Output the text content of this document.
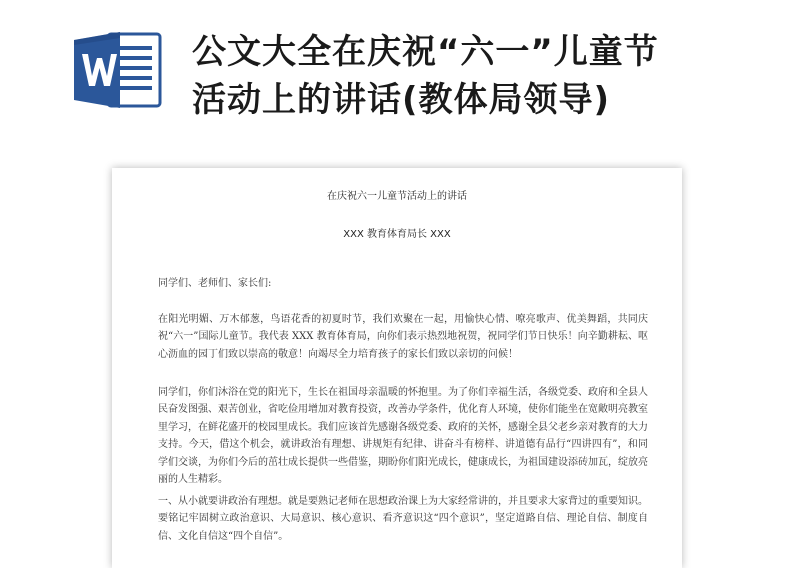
公文大全在庆祝“六一”儿童节
活动上的讲话(教体局领导)
在庆祝六一儿童节活动上的讲话
XXX 教育体育局长 XXX

同学们、老师们、家长们:

在阳光明媚、万木郁葱，鸟语花香的初夏时节，我们欢聚在一起，用愉快心情、嘹亮歌声、优美舞蹈，共同庆祝“六一”国际儿童节。我代表 XXX 教育体育局，向你们表示热烈地祝贺，祝同学们节日快乐！向辛勤耕耘、呕心沥血的园丁们致以崇高的敬意！向竭尽全力培育孩子的家长们致以亲切的问候！

同学们，你们沐浴在党的阳光下，生长在祖国母亲温暖的怀抱里。为了你们幸福生活，各级党委、政府和全县人民奋发图强、艰苦创业，省吃俭用增加对教育投资，改善办学条件，优化育人环境，使你们能坐在宽敞明亮教室里学习，在鲜花盛开的校园里成长。我们应该首先感谢各级党委、政府的关怀，感谢全县父老乡亲对教育的大力支持。今天，借这个机会，就讲政治有理想、讲规矩有纪律、讲奋斗有榜样、讲道德有品行“四讲四有”，和同学们交谈，为你们今后的茁壮成长提供一些借鉴，期盼你们阳光成长，健康成长，为祖国建设添砖加瓦，绽放亮丽的人生精彩。

一、从小就要讲政治有理想。就是要熟记老师在思想政治课上为大家经常讲的，并且要求大家背过的重要知识。要铭记牢固树立政治意识、大局意识、核心意识、看齐意识这“四个意识”，坚定道路自信、理论自信、制度自信、文化自信这“四个自信”。
